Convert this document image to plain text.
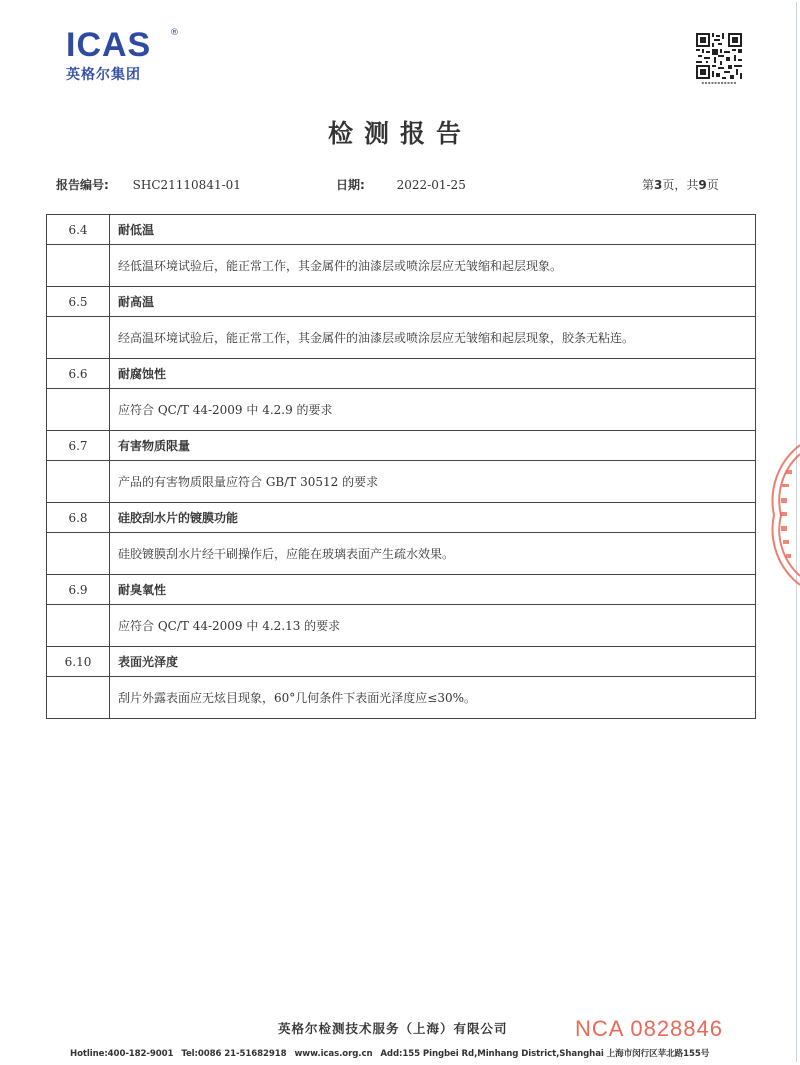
ICAS	®
英格尔集团	▪▪▪▪▪▪▪▪▪▪▪
检测报告
报告编号: SHC21110841-01	日期:	2022-01-25	第3页，共9页
6.4	耐低温
	经低温环境试验后，能正常工作，其金属件的油漆层或喷涂层应无皱缩和起层现象。
6.5	耐高温
	经高温环境试验后，能正常工作，其金属件的油漆层或喷涂层应无皱缩和起层现象，胶条无粘连。
6.6	耐腐蚀性
	应符合 QC/T 44-2009 中 4.2.9 的要求
6.7	有害物质限量
	产品的有害物质限量应符合 GB/T 30512 的要求
6.8	硅胶刮水片的镀膜功能
	硅胶镀膜刮水片经干刷操作后，应能在玻璃表面产生疏水效果。
6.9	耐臭氧性
	应符合 QC/T 44-2009 中 4.2.13 的要求
6.10	表面光泽度
	刮片外露表面应无炫目现象，60°几何条件下表面光泽度应≤30%。
英格尔检测技术服务（上海）有限公司	NCA 0828846
Hotline:400-182-9001 Tel:0086 21-51682918 www.icas.org.cn Add:155 Pingbei Rd,Minhang District,Shanghai 上海市闵行区苹北路155号
